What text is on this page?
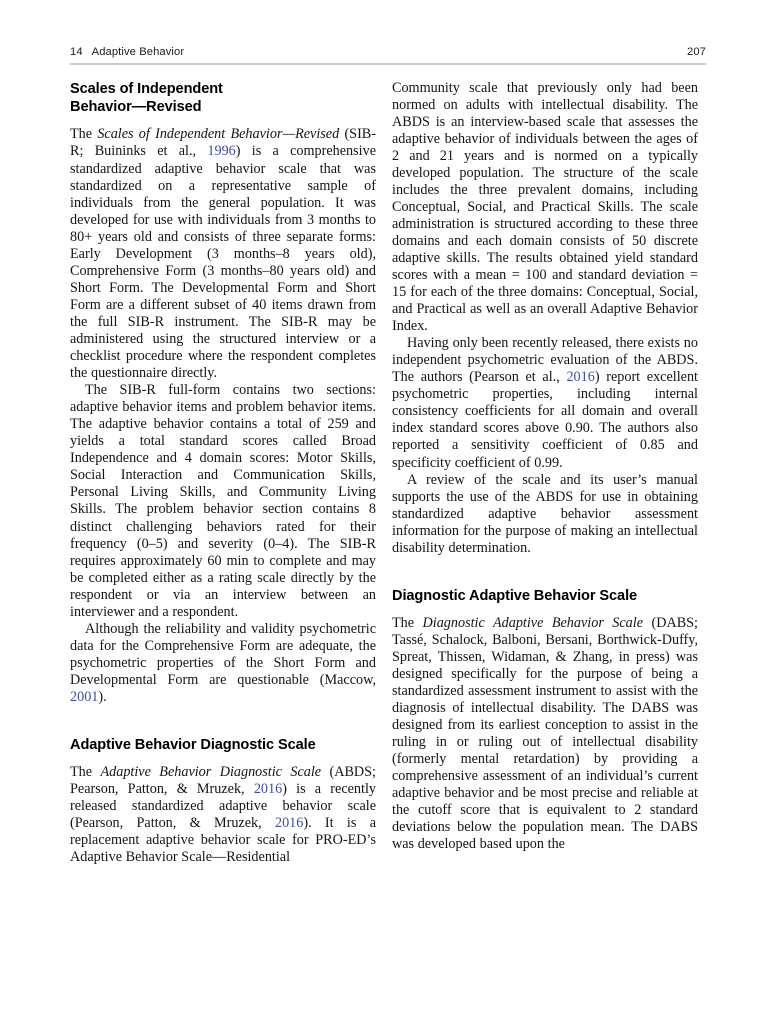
14 Adaptive Behavior	207
Scales of Independent
Behavior—Revised

The Scales of Independent Behavior—Revised (SIB-R; Buininks et al., 1996) is a comprehensive standardized adaptive behavior scale that was standardized on a representative sample of individuals from the general population. It was developed for use with individuals from 3 months to 80+ years old and consists of three separate forms: Early Development (3 months–8 years old), Comprehensive Form (3 months–80 years old) and Short Form. The Developmental Form and Short Form are a different subset of 40 items drawn from the full SIB-R instrument. The SIB-R may be administered using the structured interview or a checklist procedure where the respondent completes the questionnaire directly.

The SIB-R full-form contains two sections: adaptive behavior items and problem behavior items. The adaptive behavior contains a total of 259 and yields a total standard scores called Broad Independence and 4 domain scores: Motor Skills, Social Interaction and Communication Skills, Personal Living Skills, and Community Living Skills. The problem behavior section contains 8 distinct challenging behaviors rated for their frequency (0–5) and severity (0–4). The SIB-R requires approximately 60 min to complete and may be completed either as a rating scale directly by the respondent or via an interview between an interviewer and a respondent.

Although the reliability and validity psychometric data for the Comprehensive Form are adequate, the psychometric properties of the Short Form and Developmental Form are questionable (Maccow, 2001).

Adaptive Behavior Diagnostic Scale

The Adaptive Behavior Diagnostic Scale (ABDS; Pearson, Patton, & Mruzek, 2016) is a recently released standardized adaptive behavior scale (Pearson, Patton, & Mruzek, 2016). It is a replacement adaptive behavior scale for PRO-ED’s Adaptive Behavior Scale—Residential

Community scale that previously only had been normed on adults with intellectual disability. The ABDS is an interview-based scale that assesses the adaptive behavior of individuals between the ages of 2 and 21 years and is normed on a typically developed population. The structure of the scale includes the three prevalent domains, including Conceptual, Social, and Practical Skills. The scale administration is structured according to these three domains and each domain consists of 50 discrete adaptive skills. The results obtained yield standard scores with a mean = 100 and standard deviation = 15 for each of the three domains: Conceptual, Social, and Practical as well as an overall Adaptive Behavior Index.

Having only been recently released, there exists no independent psychometric evaluation of the ABDS. The authors (Pearson et al., 2016) report excellent psychometric properties, including internal consistency coefficients for all domain and overall index standard scores above 0.90. The authors also reported a sensitivity coefficient of 0.85 and specificity coefficient of 0.99.

A review of the scale and its user’s manual supports the use of the ABDS for use in obtaining standardized adaptive behavior assessment information for the purpose of making an intellectual disability determination.

Diagnostic Adaptive Behavior Scale

The Diagnostic Adaptive Behavior Scale (DABS; Tassé, Schalock, Balboni, Bersani, Borthwick-Duffy, Spreat, Thissen, Widaman, & Zhang, in press) was designed specifically for the purpose of being a standardized assessment instrument to assist with the diagnosis of intellectual disability. The DABS was designed from its earliest conception to assist in the ruling in or ruling out of intellectual disability (formerly mental retardation) by providing a comprehensive assessment of an individual’s current adaptive behavior and be most precise and reliable at the cutoff score that is equivalent to 2 standard deviations below the population mean. The DABS was developed based upon the
